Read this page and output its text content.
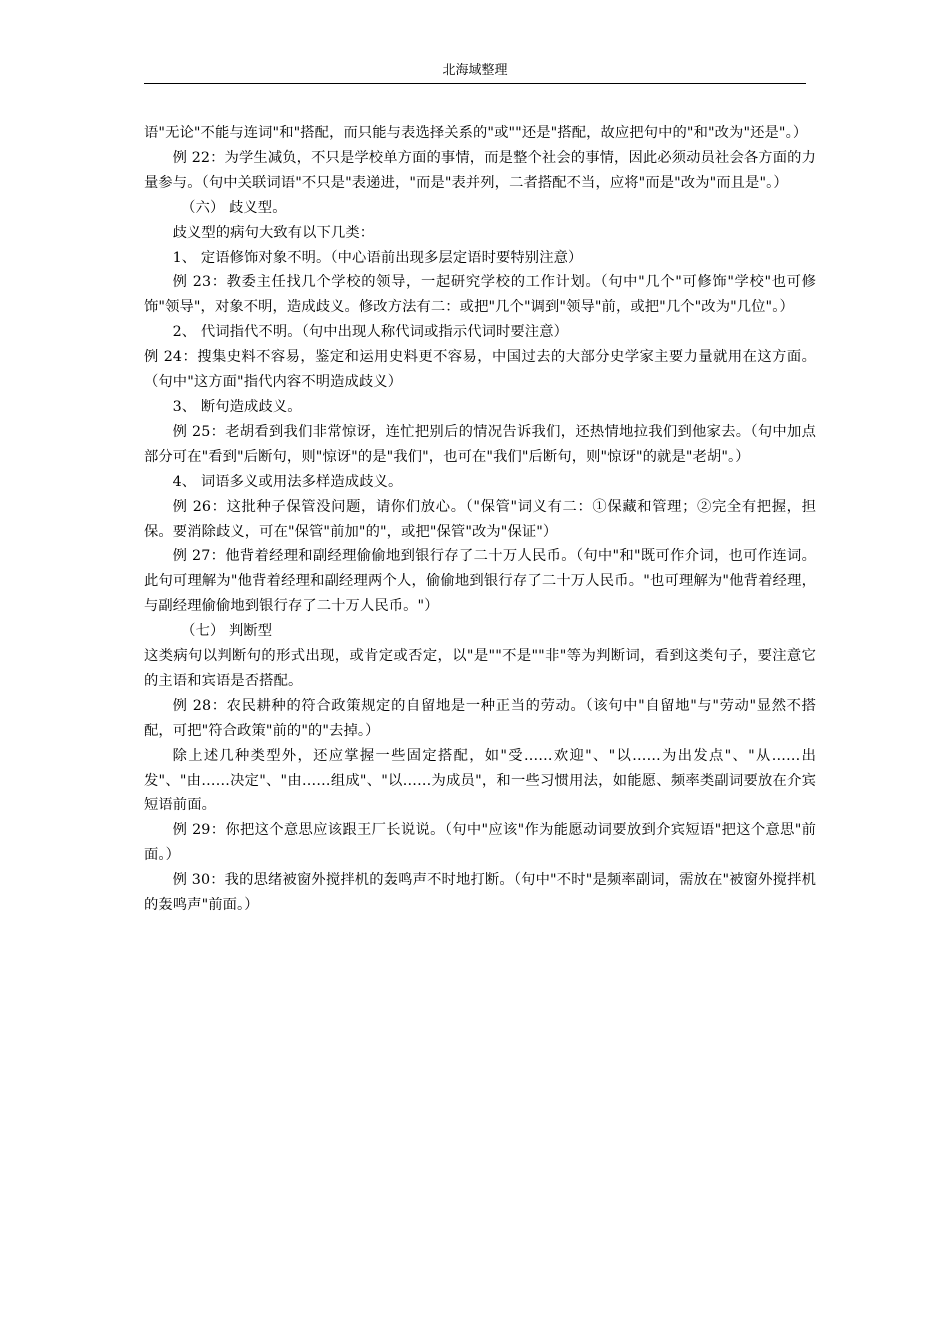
北海域整理

语"无论"不能与连词"和"搭配，而只能与表选择关系的"或""还是"搭配，故应把句中的"和"改为"还是"。）

例 22：为学生减负，不只是学校单方面的事情，而是整个社会的事情，因此必须动员社会各方面的力量参与。（句中关联词语"不只是"表递进，"而是"表并列，二者搭配不当，应将"而是"改为"而且是"。）

（六） 歧义型。

歧义型的病句大致有以下几类：

1、 定语修饰对象不明。（中心语前出现多层定语时要特别注意）

例 23：教委主任找几个学校的领导，一起研究学校的工作计划。（句中"几个"可修饰"学校"也可修饰"领导"，对象不明，造成歧义。修改方法有二：或把"几个"调到"领导"前，或把"几个"改为"几位"。）

2、 代词指代不明。（句中出现人称代词或指示代词时要注意）

例 24：搜集史料不容易，鉴定和运用史料更不容易，中国过去的大部分史学家主要力量就用在这方面。（句中"这方面"指代内容不明造成歧义）

3、 断句造成歧义。

例 25：老胡看到我们非常惊讶，连忙把别后的情况告诉我们，还热情地拉我们到他家去。（句中加点部分可在"看到"后断句，则"惊讶"的是"我们"，也可在"我们"后断句，则"惊讶"的就是"老胡"。）

4、 词语多义或用法多样造成歧义。

例 26：这批种子保管没问题，请你们放心。（"保管"词义有二：①保藏和管理；②完全有把握，担保。要消除歧义，可在"保管"前加"的"，或把"保管"改为"保证"）

例 27：他背着经理和副经理偷偷地到银行存了二十万人民币。（句中"和"既可作介词，也可作连词。此句可理解为"他背着经理和副经理两个人，偷偷地到银行存了二十万人民币。"也可理解为"他背着经理，与副经理偷偷地到银行存了二十万人民币。"）

（七） 判断型

这类病句以判断句的形式出现，或肯定或否定，以"是""不是""非"等为判断词，看到这类句子，要注意它的主语和宾语是否搭配。

例 28：农民耕种的符合政策规定的自留地是一种正当的劳动。（该句中"自留地"与"劳动"显然不搭配，可把"符合政策"前的"的"去掉。）

除上述几种类型外，还应掌握一些固定搭配，如"受……欢迎"、"以……为出发点"、"从……出发"、"由……决定"、"由……组成"、"以……为成员"，和一些习惯用法，如能愿、频率类副词要放在介宾短语前面。

例 29：你把这个意思应该跟王厂长说说。（句中"应该"作为能愿动词要放到介宾短语"把这个意思"前面。）

例 30：我的思绪被窗外搅拌机的轰鸣声不时地打断。（句中"不时"是频率副词，需放在"被窗外搅拌机的轰鸣声"前面。）
